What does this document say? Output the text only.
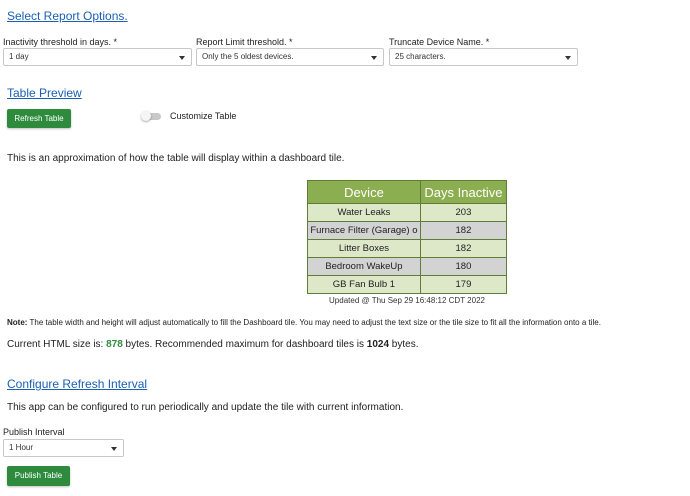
Select Report Options.
Inactivity threshold in days. *
1 day
Report Limit threshold. *
Only the 5 oldest devices.
Truncate Device Name. *
25 characters.
Table Preview
Refresh Table	Customize Table
This is an approximation of how the table will display within a dashboard tile.
Device	Days Inactive
Water Leaks	203
Furnace Filter (Garage) o	182
Litter Boxes	182
Bedroom WakeUp	180
GB Fan Bulb 1	179
Updated @ Thu Sep 29 16:48:12 CDT 2022
Note: The table width and height will adjust automatically to fill the Dashboard tile. You may need to adjust the text size or the tile size to fit all the information onto a tile.
Current HTML size is: 878 bytes. Recommended maximum for dashboard tiles is 1024 bytes.
Configure Refresh Interval
This app can be configured to run periodically and update the tile with current information.
Publish Interval
1 Hour
Publish Table
